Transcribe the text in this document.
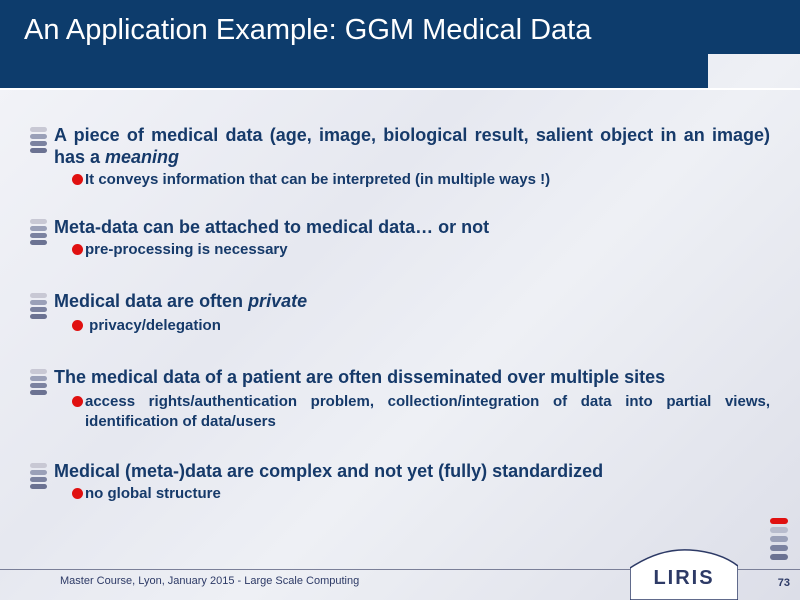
An Application Example: GGM Medical Data
A piece of medical data (age, image, biological result, salient object in an image) has a meaning
It conveys information that can be interpreted (in multiple ways !)
Meta-data can be attached to medical data… or not
pre-processing is necessary
Medical data are often private
privacy/delegation
The medical data of a patient are often disseminated over multiple sites
access rights/authentication problem, collection/integration of data into partial views, identification of data/users
Medical (meta-)data are complex and not yet (fully) standardized
no global structure
Master Course, Lyon, January 2015 - Large Scale Computing	LIRIS	73
